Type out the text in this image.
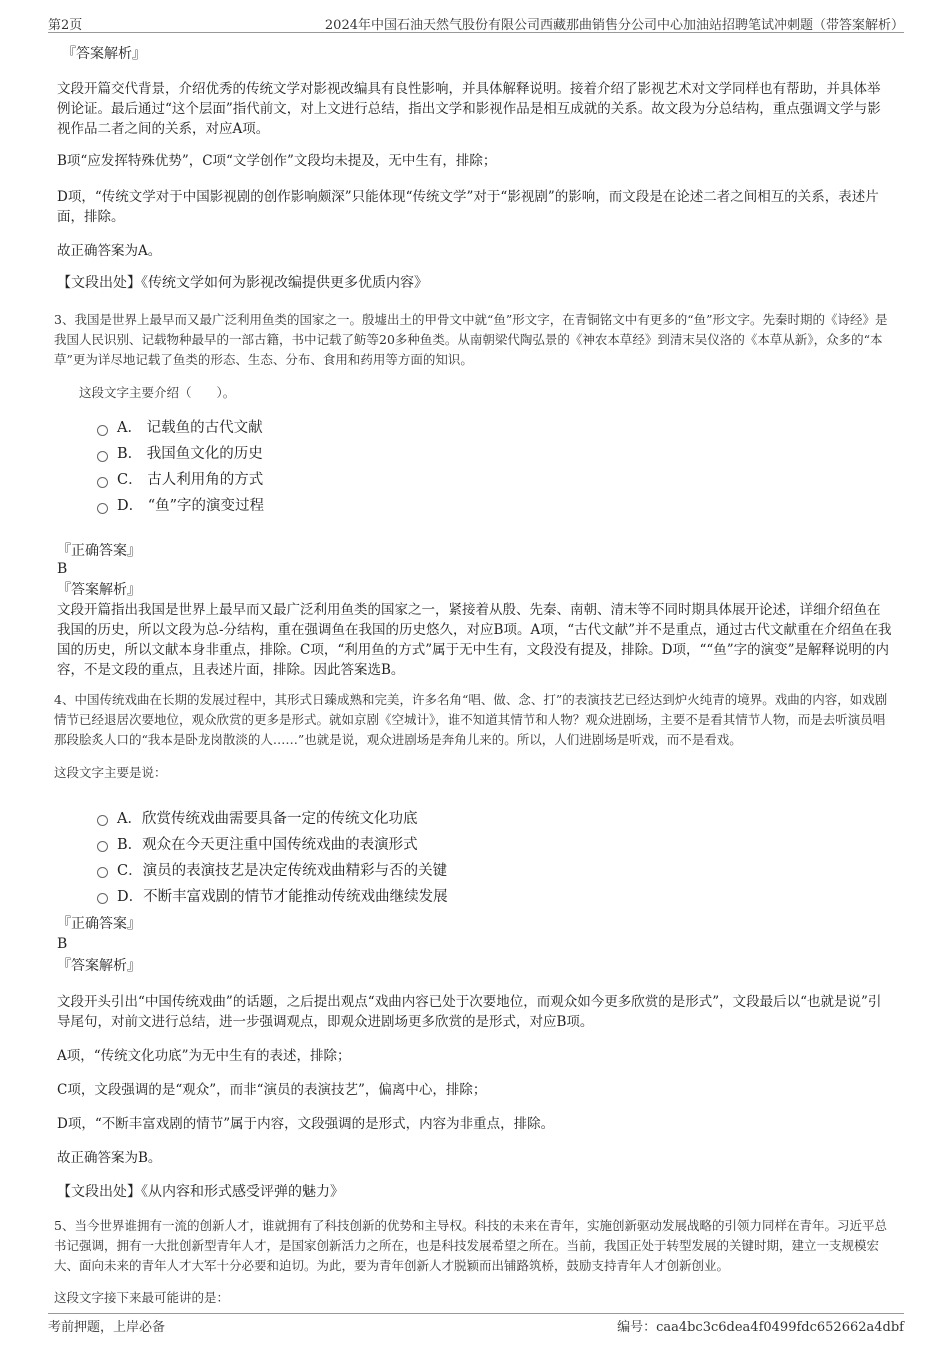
第2页	2024年中国石油天然气股份有限公司西藏那曲销售分公司中心加油站招聘笔试冲刺题（带答案解析）
『答案解析』

文段开篇交代背景，介绍优秀的传统文学对影视改编具有良性影响，并具体解释说明。接着介绍了影视艺术对文学同样也有帮助，并具体举例论证。最后通过“这个层面”指代前文，对上文进行总结，指出文学和影视作品是相互成就的关系。故文段为分总结构，重点强调文学与影视作品二者之间的关系，对应A项。

B项“应发挥特殊优势”，C项“文学创作”文段均未提及，无中生有，排除；

D项，“传统文学对于中国影视剧的创作影响颇深”只能体现“传统文学”对于“影视剧”的影响，而文段是在论述二者之间相互的关系，表述片面，排除。

故正确答案为A。

【文段出处】《传统文学如何为影视改编提供更多优质内容》

3、我国是世界上最早而又最广泛利用鱼类的国家之一。殷墟出土的甲骨文中就“鱼”形文字，在青铜铭文中有更多的“鱼”形文字。先秦时期的《诗经》是我国人民识别、记载物种最早的一部古籍，书中记载了鲂等20多种鱼类。从南朝梁代陶弘景的《神农本草经》到清末吴仪洛的《本草从新》，众多的“本草”更为详尽地记载了鱼类的形态、生态、分布、食用和药用等方面的知识。

这段文字主要介绍（　　）。

A． 记载鱼的古代文献
B． 我国鱼文化的历史
C． 古人利用角的方式
D． “鱼”字的演变过程
『正确答案』
B
『答案解析』

文段开篇指出我国是世界上最早而又最广泛利用鱼类的国家之一，紧接着从殷、先秦、南朝、清末等不同时期具体展开论述，详细介绍鱼在我国的历史，所以文段为总-分结构，重在强调鱼在我国的历史悠久，对应B项。A项，“古代文献”并不是重点，通过古代文献重在介绍鱼在我国的历史，所以文献本身非重点，排除。C项，“利用鱼的方式”属于无中生有，文段没有提及，排除。D项，““鱼”字的演变”是解释说明的内容，不是文段的重点，且表述片面，排除。因此答案选B。

4、中国传统戏曲在长期的发展过程中，其形式日臻成熟和完美，许多名角“唱、做、念、打”的表演技艺已经达到炉火纯青的境界。戏曲的内容，如戏剧情节已经退居次要地位，观众欣赏的更多是形式。就如京剧《空城计》，谁不知道其情节和人物？观众进剧场，主要不是看其情节人物，而是去听演员唱那段脍炙人口的“我本是卧龙岗散淡的人……”也就是说，观众进剧场是奔角儿来的。所以，人们进剧场是听戏，而不是看戏。

这段文字主要是说：

A．欣赏传统戏曲需要具备一定的传统文化功底
B．观众在今天更注重中国传统戏曲的表演形式
C．演员的表演技艺是决定传统戏曲精彩与否的关键
D．不断丰富戏剧的情节才能推动传统戏曲继续发展
『正确答案』
B
『答案解析』

文段开头引出“中国传统戏曲”的话题，之后提出观点“戏曲内容已处于次要地位，而观众如今更多欣赏的是形式”，文段最后以“也就是说”引导尾句，对前文进行总结，进一步强调观点，即观众进剧场更多欣赏的是形式，对应B项。

A项，“传统文化功底”为无中生有的表述，排除；

C项，文段强调的是“观众”，而非“演员的表演技艺”，偏离中心，排除；

D项，“不断丰富戏剧的情节”属于内容，文段强调的是形式，内容为非重点，排除。

故正确答案为B。

【文段出处】《从内容和形式感受评弹的魅力》

5、当今世界谁拥有一流的创新人才，谁就拥有了科技创新的优势和主导权。科技的未来在青年，实施创新驱动发展战略的引领力同样在青年。习近平总书记强调，拥有一大批创新型青年人才，是国家创新活力之所在，也是科技发展希望之所在。当前，我国正处于转型发展的关键时期，建立一支规模宏大、面向未来的青年人才大军十分必要和迫切。为此，要为青年创新人才脱颖而出铺路筑桥，鼓励支持青年人才创新创业。

这段文字接下来最可能讲的是：

考前押题，上岸必备	编号：caa4bc3c6dea4f0499fdc652662a4dbf
